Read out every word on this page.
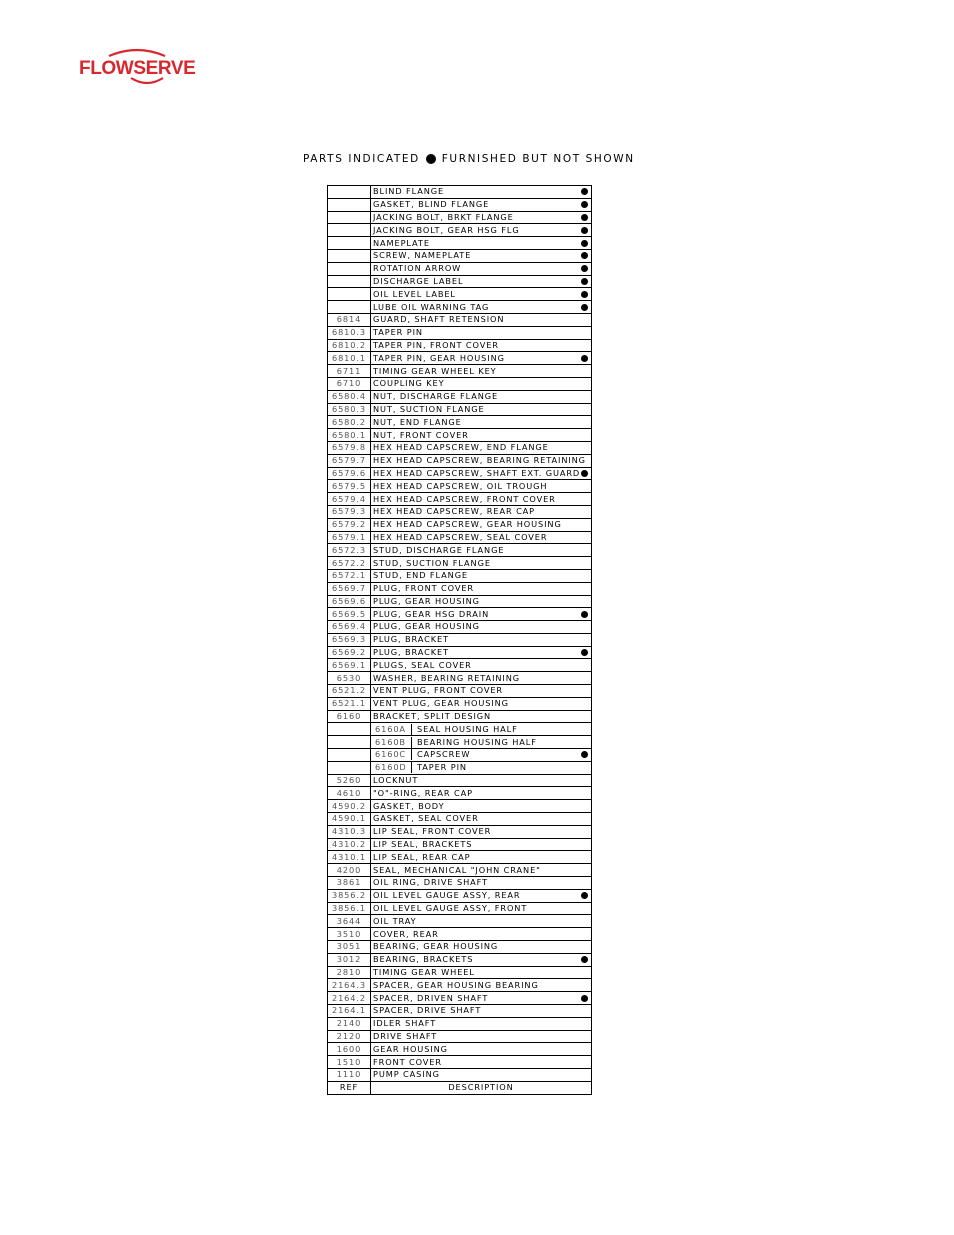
FLOWSERVE
PARTS INDICATED FURNISHED BUT NOT SHOWN
	BLIND FLANGE

	GASKET, BLIND FLANGE

	JACKING BOLT, BRKT FLANGE

	JACKING BOLT, GEAR HSG FLG

	NAMEPLATE

	SCREW, NAMEPLATE

	ROTATION ARROW

	DISCHARGE LABEL

	OIL LEVEL LABEL

	LUBE OIL WARNING TAG

6814	GUARD, SHAFT RETENSION
6810.3	TAPER PIN
6810.2	TAPER PIN, FRONT COVER
6810.1	TAPER PIN, GEAR HOUSING

6711	TIMING GEAR WHEEL KEY
6710	COUPLING KEY
6580.4	NUT, DISCHARGE FLANGE
6580.3	NUT, SUCTION FLANGE
6580.2	NUT, END FLANGE
6580.1	NUT, FRONT COVER
6579.8	HEX HEAD CAPSCREW, END FLANGE
6579.7	HEX HEAD CAPSCREW, BEARING RETAINING
6579.6	HEX HEAD CAPSCREW, SHAFT EXT. GUARD

6579.5	HEX HEAD CAPSCREW, OIL TROUGH
6579.4	HEX HEAD CAPSCREW, FRONT COVER
6579.3	HEX HEAD CAPSCREW, REAR CAP
6579.2	HEX HEAD CAPSCREW, GEAR HOUSING
6579.1	HEX HEAD CAPSCREW, SEAL COVER
6572.3	STUD, DISCHARGE FLANGE
6572.2	STUD, SUCTION FLANGE
6572.1	STUD, END FLANGE
6569.7	PLUG, FRONT COVER
6569.6	PLUG, GEAR HOUSING
6569.5	PLUG, GEAR HSG DRAIN

6569.4	PLUG, GEAR HOUSING
6569.3	PLUG, BRACKET
6569.2	PLUG, BRACKET

6569.1	PLUGS, SEAL COVER
6530	WASHER, BEARING RETAINING
6521.2	VENT PLUG, FRONT COVER
6521.1	VENT PLUG, GEAR HOUSING
6160	BRACKET, SPLIT DESIGN
	6160A SEAL HOUSING HALF
	6160B BEARING HOUSING HALF
	6160C CAPSCREW

	6160D TAPER PIN
5260	LOCKNUT
4610	"O"-RING, REAR CAP
4590.2	GASKET, BODY
4590.1	GASKET, SEAL COVER
4310.3	LIP SEAL, FRONT COVER
4310.2	LIP SEAL, BRACKETS
4310.1	LIP SEAL, REAR CAP
4200	SEAL, MECHANICAL "JOHN CRANE"
3861	OIL RING, DRIVE SHAFT
3856.2	OIL LEVEL GAUGE ASSY, REAR

3856.1	OIL LEVEL GAUGE ASSY, FRONT
3644	OIL TRAY
3510	COVER, REAR
3051	BEARING, GEAR HOUSING
3012	BEARING, BRACKETS

2810	TIMING GEAR WHEEL
2164.3	SPACER, GEAR HOUSING BEARING
2164.2	SPACER, DRIVEN SHAFT

2164.1	SPACER, DRIVE SHAFT
2140	IDLER SHAFT
2120	DRIVE SHAFT
1600	GEAR HOUSING
1510	FRONT COVER
1110	PUMP CASING
REF	DESCRIPTION
